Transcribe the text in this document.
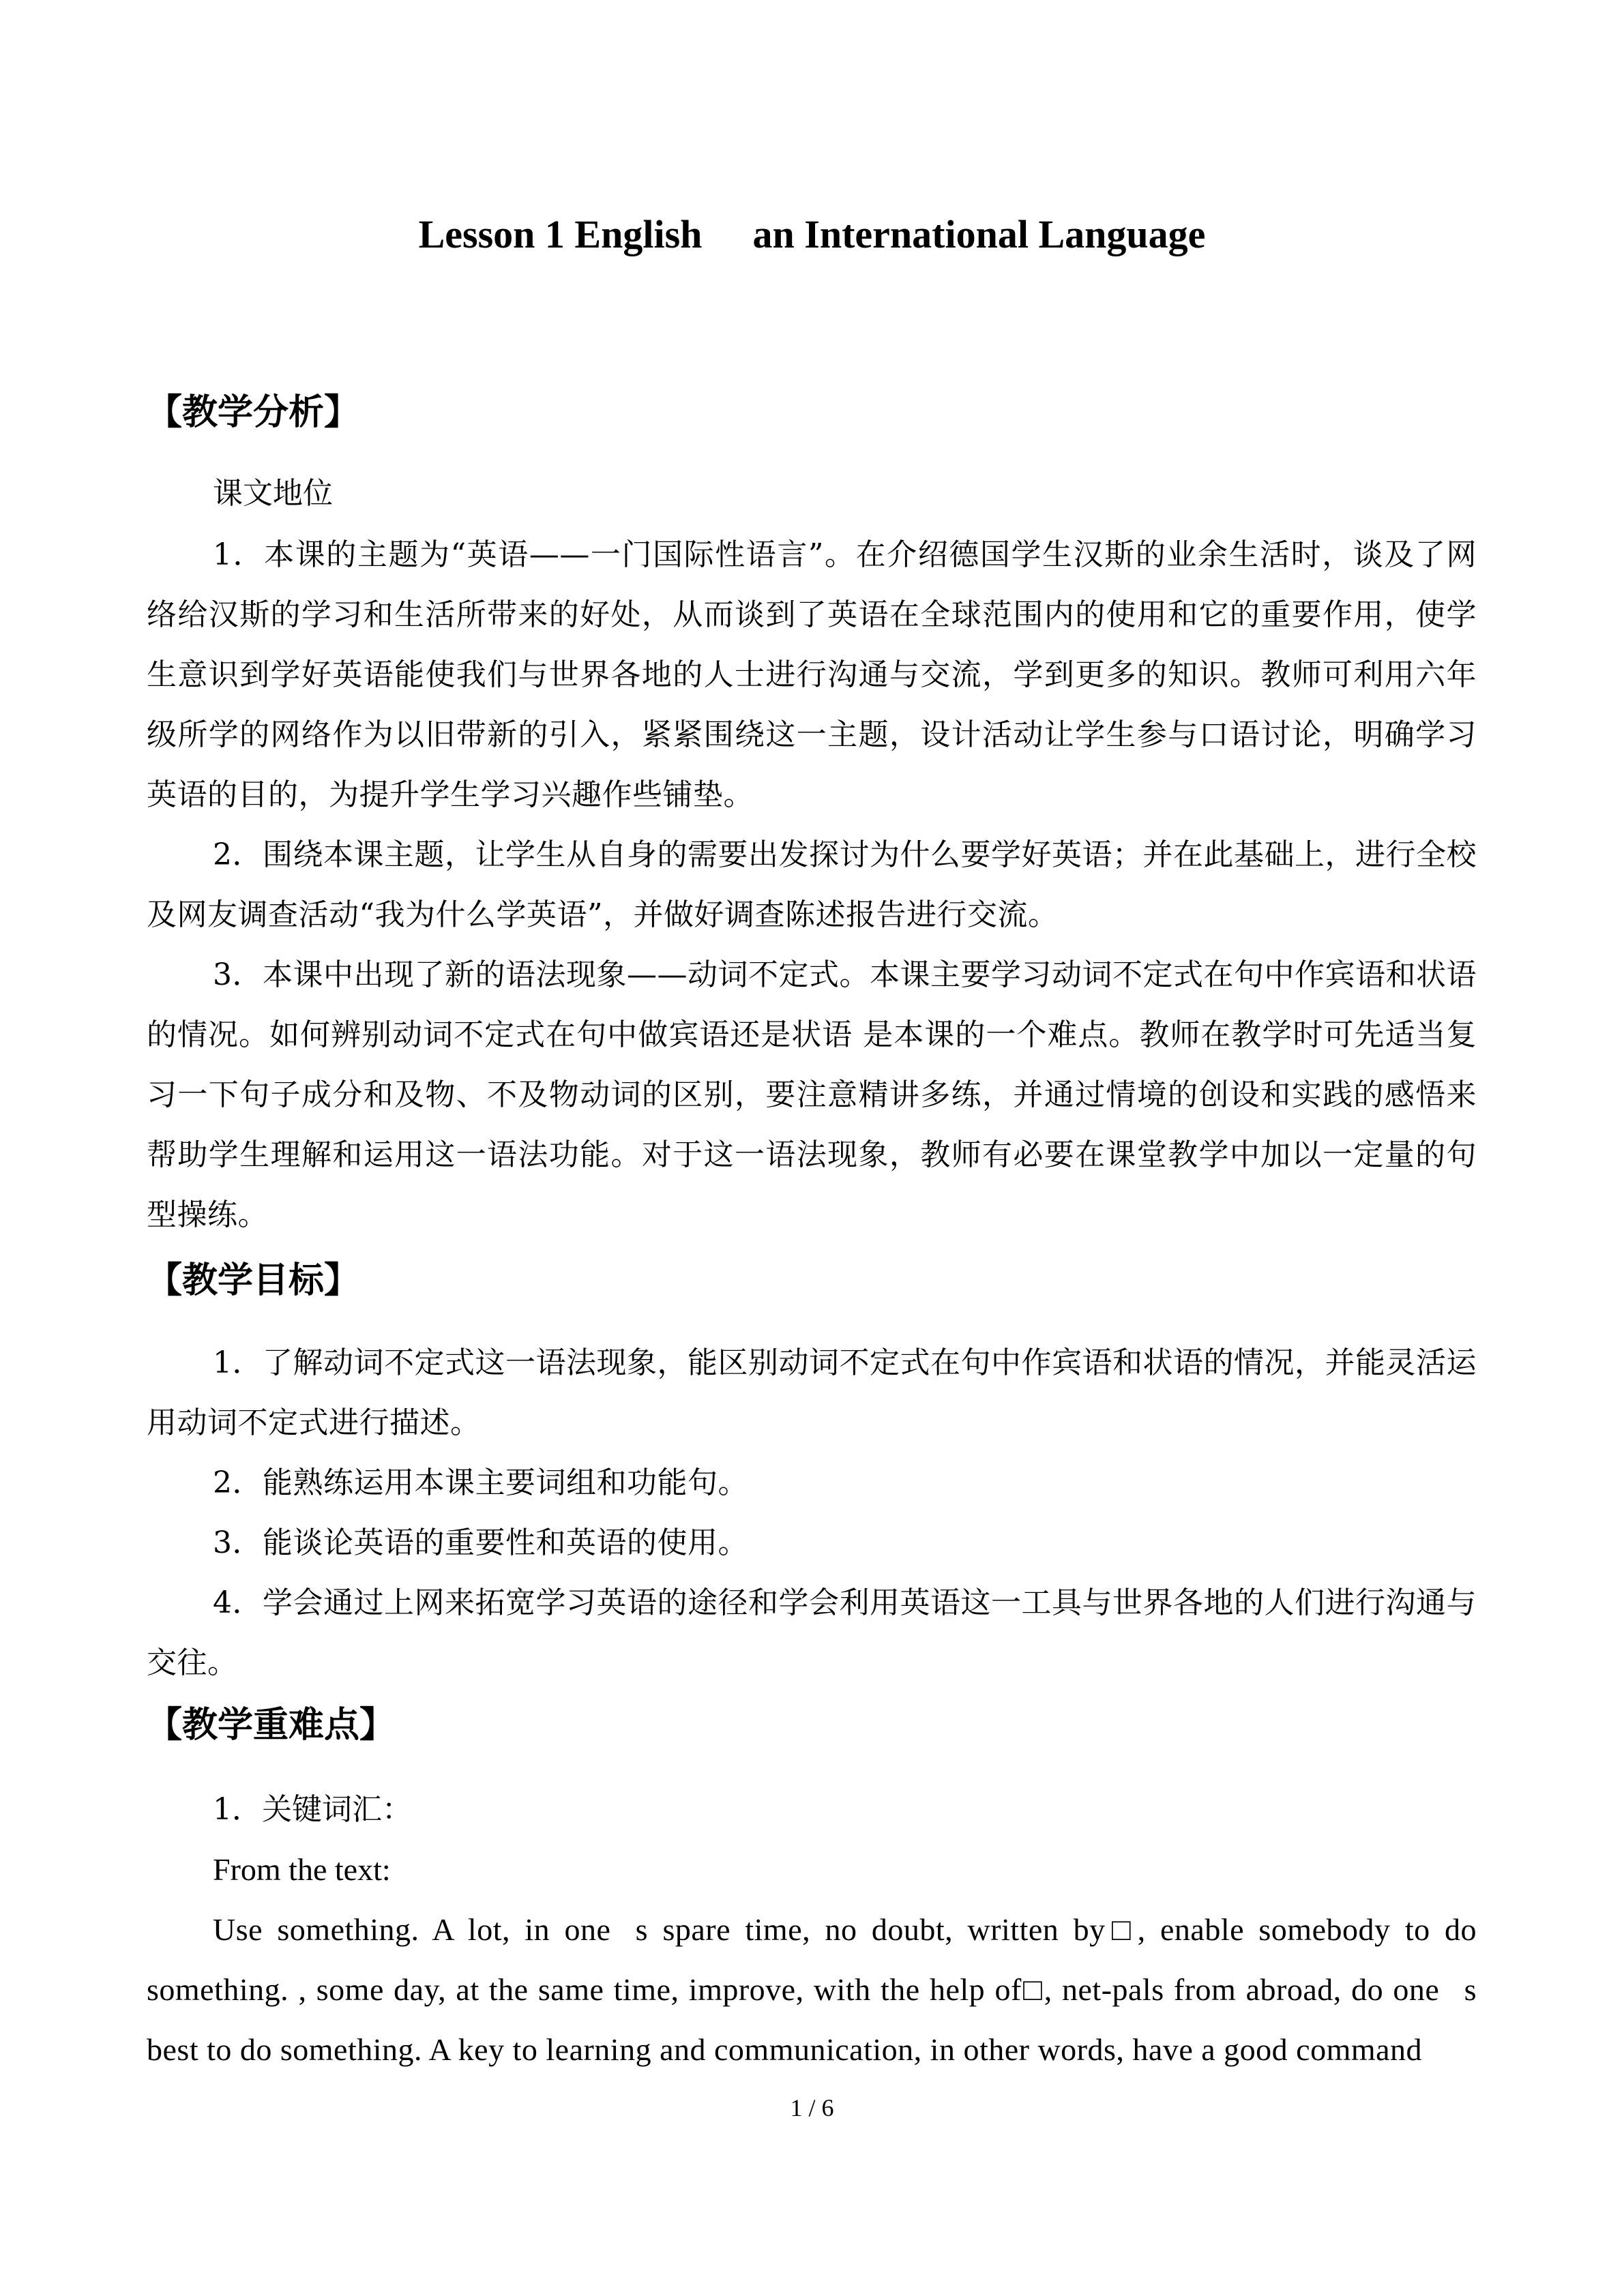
Lesson 1 English   an International Language
【教学分析】
课文地位
1．本课的主题为“英语——一门国际性语言”。在介绍德国学生汉斯的业余生活时，谈及了网络给汉斯的学习和生活所带来的好处，从而谈到了英语在全球范围内的使用和它的重要作用，使学生意识到学好英语能使我们与世界各地的人士进行沟通与交流，学到更多的知识。教师可利用六年级所学的网络作为以旧带新的引入，紧紧围绕这一主题，设计活动让学生参与口语讨论，明确学习英语的目的，为提升学生学习兴趣作些铺垫。
2．围绕本课主题，让学生从自身的需要出发探讨为什么要学好英语；并在此基础上，进行全校及网友调查活动“我为什么学英语”，并做好调查陈述报告进行交流。
3．本课中出现了新的语法现象——动词不定式。本课主要学习动词不定式在句中作宾语和状语的情况。如何辨别动词不定式在句中做宾语还是状语 是本课的一个难点。教师在教学时可先适当复习一下句子成分和及物、不及物动词的区别，要注意精讲多练，并通过情境的创设和实践的感悟来帮助学生理解和运用这一语法功能。对于这一语法现象，教师有必要在课堂教学中加以一定量的句型操练。
【教学目标】
1．了解动词不定式这一语法现象，能区别动词不定式在句中作宾语和状语的情况，并能灵活运用动词不定式进行描述。
2．能熟练运用本课主要词组和功能句。
3．能谈论英语的重要性和英语的使用。
4．学会通过上网来拓宽学习英语的途径和学会利用英语这一工具与世界各地的人们进行沟通与交往。
【教学重难点】
1．关键词汇：
From the text:
Use something. A lot, in one s spare time, no doubt, written by□, enable somebody to do something. , some day, at the same time, improve, with the help of□, net-pals from abroad, do one s best to do something. A key to learning and communication, in other words, have a good command
1 / 6
